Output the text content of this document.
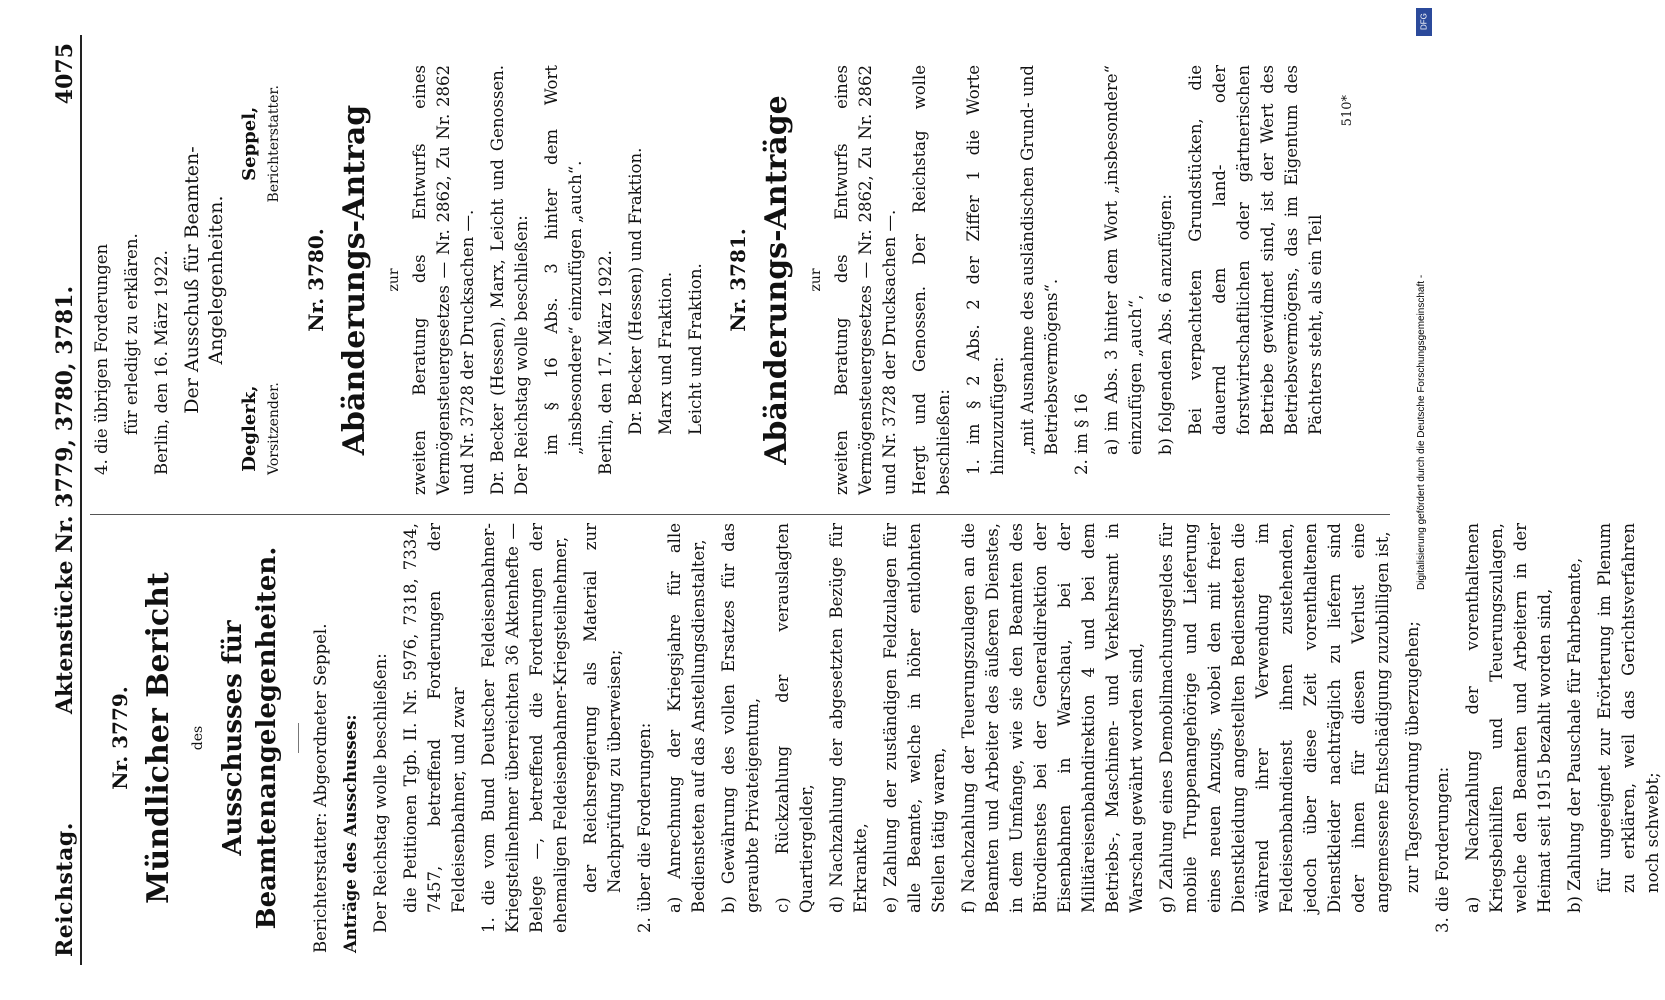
Reichstag.
Aktenstücke Nr. 3779, 3780, 3781.
4075
Nr. 3779. Mündlicher Bericht des Ausschusses für Beamtenangelegenheiten. Berichterstatter: Abgeordneter Seppel. Anträge des Ausschusses: Der Reichstag wolle beschließen: die Petitionen Tgb. II. Nr. 5976, 7318, 7334, 7457, betreffend Forderungen der Feldeisenbahner, und zwar 1. die vom Bund Deutscher Feldeisenbahner-Kriegsteilnehmer überreichten 36 Aktenhefte — Belege —, betreffend die Forderungen der ehemaligen Feldeisenbahner-Kriegsteilnehmer, der Reichsregierung als Material zur Nachprüfung zu überweisen; 2. über die Forderungen: a) Anrechnung der Kriegsjahre für alle Bediensteten auf das Anstellungsdienstalter, b) Gewährung des vollen Ersatzes für das geraubte Privateigentum, c) Rückzahlung der verauslagten Quartiergelder, d) Nachzahlung der abgesetzten Bezüge für Erkrankte, e) Zahlung der zuständigen Feldzulagen für alle Beamte, welche in höher entlohnten Stellen tätig waren, f) Nachzahlung der Teuerungszulagen an die Beamten und Arbeiter des äußeren Dienstes, in dem Umfange, wie sie den Beamten des Bürodienstes bei der Generaldirektion der Eisenbahnen in Warschau, bei der Militäreisenbahndirektion 4 und bei dem Betriebs-, Maschinen- und Verkehrsamt in Warschau gewährt worden sind, g) Zahlung eines Demobilmachungsgeldes für mobile Truppenangehörige und Lieferung eines neuen Anzugs, wobei den mit freier Dienstkleidung angestellten Bediensteten die während ihrer Verwendung im Feldeisenbahndienst ihnen zustehenden, jedoch über diese Zeit vorenthaltenen Dienstkleider nachträglich zu liefern sind oder ihnen für diesen Verlust eine angemessene Entschädigung zuzubilligen ist, zur Tagesordnung überzugehen; 3. die Forderungen: a) Nachzahlung der vorenthaltenen Kriegsbeihilfen und Teuerungszulagen, welche den Beamten und Arbeitern in der Heimat seit 1915 bezahlt worden sind, b) Zahlung der Pauschale für Fahrbeamte, für ungeeignet zur Erörterung im Plenum zu erklären, weil das Gerichtsverfahren noch schwebt;

4. die übrigen Forderungen für erledigt zu erklären. Berlin, den 16. März 1922. Der Ausschuß für Beamten-Angelegenheiten.

Deglerk, Vorsitzender.
Seppel, Berichterstatter.
Nr. 3780. Abänderungs-Antrag zur zweiten Beratung des Entwurfs eines Vermögensteuergesetzes — Nr. 2862, Zu Nr. 2862 und Nr. 3728 der Drucksachen —. Dr. Becker (Hessen), Marx, Leicht und Genossen. Der Reichstag wolle beschließen: im § 16 Abs. 3 hinter dem Wort „insbesondere“ einzufügen „auch“. Berlin, den 17. März 1922. Dr. Becker (Hessen) und Fraktion. Marx und Fraktion. Leicht und Fraktion. Nr. 3781. Abänderungs-Anträge zur zweiten Beratung des Entwurfs eines Vermögensteuergesetzes — Nr. 2862, Zu Nr. 2862 und Nr. 3728 der Drucksachen —. Hergt und Genossen. Der Reichstag wolle beschließen: 1. im § 2 Abs. 2 der Ziffer 1 die Worte hinzuzufügen: „mit Ausnahme des ausländischen Grund- und Betriebsvermögens“. 2. im § 16 a) im Abs. 3 hinter dem Wort „insbesondere“ einzufügen „auch“, b) folgenden Abs. 6 anzufügen: Bei verpachteten Grundstücken, die dauernd dem land- oder forstwirtschaftlichen oder gärtnerischen Betriebe gewidmet sind, ist der Wert des Betriebsvermögens, das im Eigentum des Pächters steht, als ein Teil

510*
DFG
Digitalisierung gefördert durch die Deutsche Forschungsgemeinschaft -
